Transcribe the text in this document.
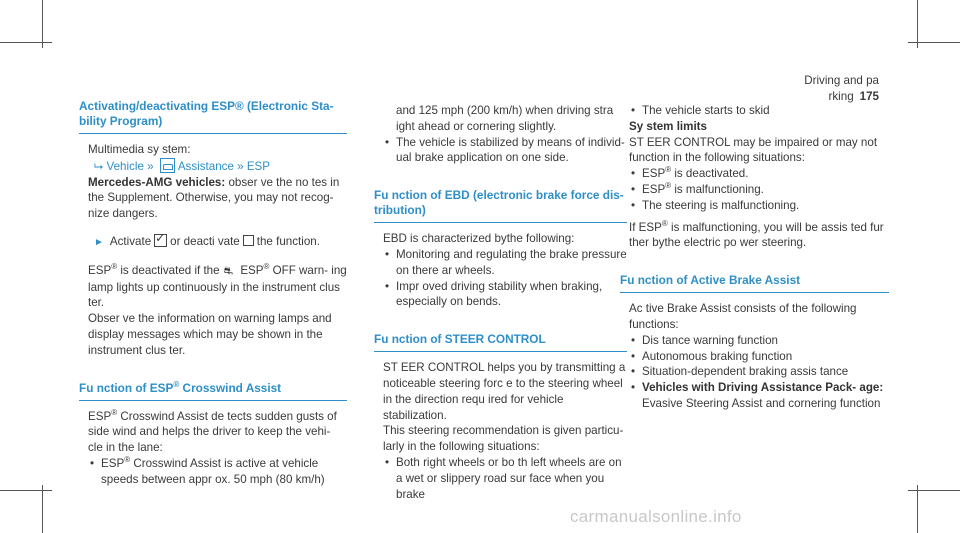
Driving and pa rking 175
Activating/deactivating ESP® (Electronic Sta‐ bility Program)

Multimedia sy stem:

⮡ Vehicle » Assistance » ESP

Mercedes-AMG vehicles: obser ve the no tes in the Supplement. Otherwise, you may not recog‐ nize dangers.

► Activate✓ or deacti vate the function.

ESP® is deactivated if the ⛐ ESP® OFF warn‐ ing lamp lights up continuously in the instrument clus ter.

Obser ve the information on warning lamps and display messages which may be shown in the instrument clus ter.

Fu nction of ESP® Crosswind Assist

ESP® Crosswind Assist de tects sudden gusts of side wind and helps the driver to keep the vehi‐ cle in the lane:

• ESP® Crosswind Assist is active at vehicle speeds between appr ox. 50 mph (80 km/h)

and 125 mph (200 km/h) when driving stra ight ahead or cornering slightly.

• The vehicle is stabilized by means of individ‐ ual brake application on one side.
Fu nction of EBD (electronic brake force dis‐ tribution)

EBD is characterized bythe following:

• Monitoring and regulating the brake pressure on there ar wheels.
• Impr oved driving stability when braking, especially on bends.
Fu nction of STEER CONTROL

ST EER CONTROL helps you by transmitting a noticeable steering forc e to the steering wheel in the direction requ ired for vehicle stabilization.

This steering recommendation is given particu‐ larly in the following situations:

• Both right wheels or bo th left wheels are on a wet or slippery road sur face when you brake
• The vehicle starts to skid

Sy stem limits

ST EER CONTROL may be impaired or may not function in the following situations:

• ESP® is deactivated.
• ESP® is malfunctioning.
• The steering is malfunctioning.

If ESP® is malfunctioning, you will be assis ted fur ther bythe electric po wer steering.

Fu nction of Active Brake Assist

Ac tive Brake Assist consists of the following functions:

• Dis tance warning function
• Autonomous braking function
• Situation-dependent braking assis tance
• Vehicles with Driving Assistance Pack‐ age: Evasive Steering Assist and cornering function
carmanualsonline.info
